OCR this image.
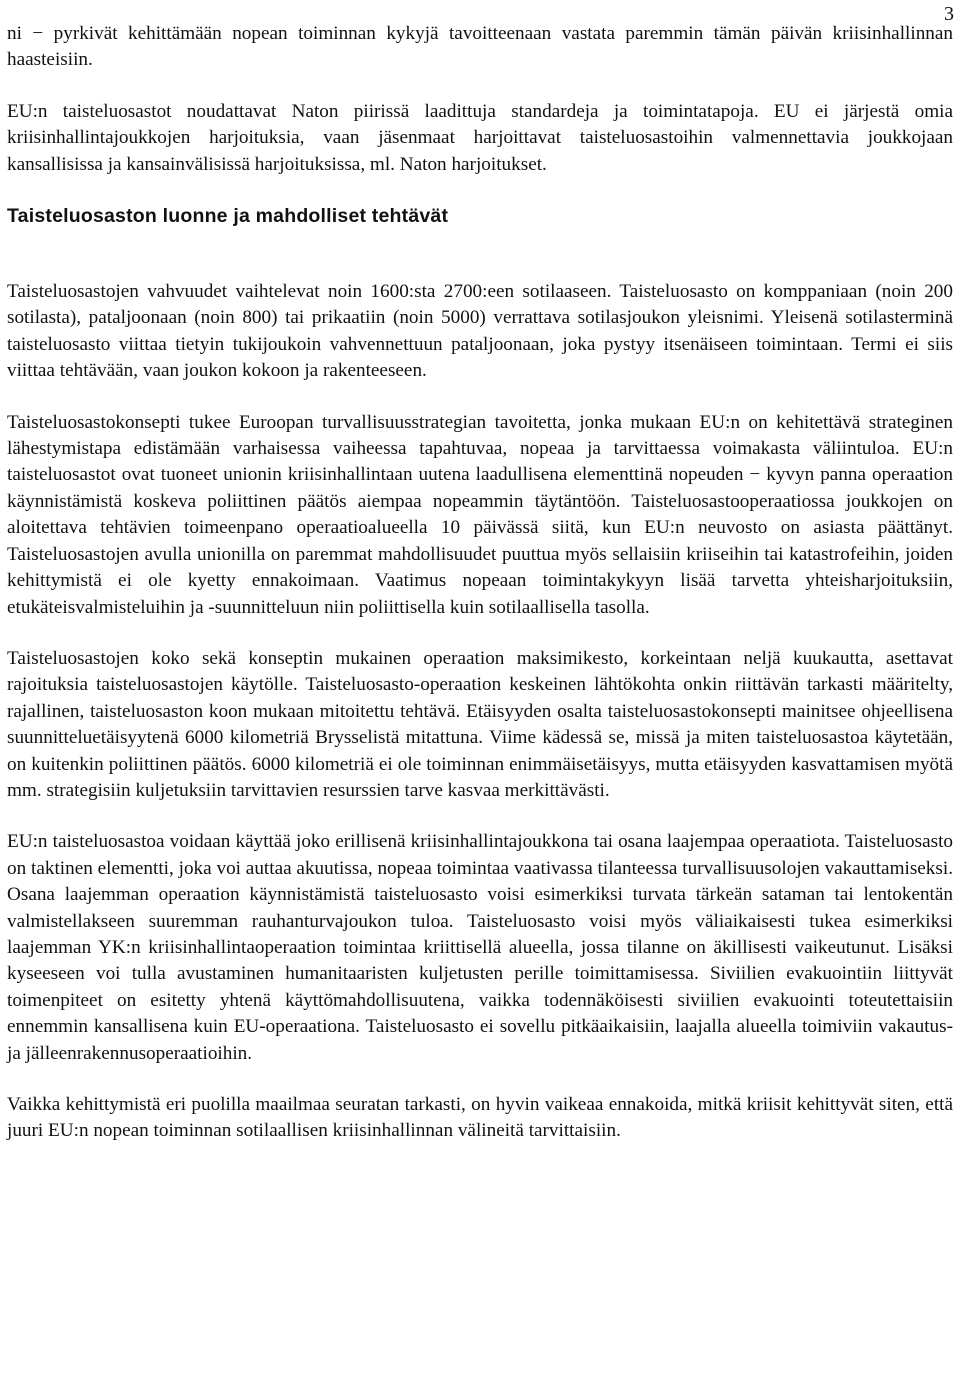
3

ni − pyrkivät kehittämään nopean toiminnan kykyjä tavoitteenaan vastata paremmin tämän päivän kriisinhallinnan haasteisiin.

EU:n taisteluosastot noudattavat Naton piirissä laadittuja standardeja ja toimintatapoja. EU ei järjestä omia kriisinhallintajoukkojen harjoituksia, vaan jäsenmaat harjoittavat taisteluosastoihin valmennettavia joukkojaan kansallisissa ja kansainvälisissä harjoituksissa, ml. Naton harjoitukset.

Taisteluosaston luonne ja mahdolliset tehtävät

Taisteluosastojen vahvuudet vaihtelevat noin 1600:sta 2700:een sotilaaseen. Taisteluosasto on komppaniaan (noin 200 sotilasta), pataljoonaan (noin 800) tai prikaatiin (noin 5000) verrattava sotilasjoukon yleisnimi. Yleisenä sotilasterminä taisteluosasto viittaa tietyin tukijoukoin vahvennettuun pataljoonaan, joka pystyy itsenäiseen toimintaan. Termi ei siis viittaa tehtävään, vaan joukon kokoon ja rakenteeseen.

Taisteluosastokonsepti tukee Euroopan turvallisuusstrategian tavoitetta, jonka mukaan EU:n on kehitettävä strateginen lähestymistapa edistämään varhaisessa vaiheessa tapahtuvaa, nopeaa ja tarvittaessa voimakasta väliintuloa. EU:n taisteluosastot ovat tuoneet unionin kriisinhallintaan uutena laadullisena elementtinä nopeuden − kyvyn panna operaation käynnistämistä koskeva poliittinen päätös aiempaa nopeammin täytäntöön. Taisteluosastooperaatiossa joukkojen on aloitettava tehtävien toimeenpano operaatioalueella 10 päivässä siitä, kun EU:n neuvosto on asiasta päättänyt. Taisteluosastojen avulla unionilla on paremmat mahdollisuudet puuttua myös sellaisiin kriiseihin tai katastrofeihin, joiden kehittymistä ei ole kyetty ennakoimaan. Vaatimus nopeaan toimintakykyyn lisää tarvetta yhteisharjoituksiin, etukäteisvalmisteluihin ja -suunnitteluun niin poliittisella kuin sotilaallisella tasolla.

Taisteluosastojen koko sekä konseptin mukainen operaation maksimikesto, korkeintaan neljä kuukautta, asettavat rajoituksia taisteluosastojen käytölle. Taisteluosasto-operaation keskeinen lähtökohta onkin riittävän tarkasti määritelty, rajallinen, taisteluosaston koon mukaan mitoitettu tehtävä. Etäisyyden osalta taisteluosastokonsepti mainitsee ohjeellisena suunnitteluetäisyytenä 6000 kilometriä Brysselistä mitattuna. Viime kädessä se, missä ja miten taisteluosastoa käytetään, on kuitenkin poliittinen päätös. 6000 kilometriä ei ole toiminnan enimmäisetäisyys, mutta etäisyyden kasvattamisen myötä mm. strategisiin kuljetuksiin tarvittavien resurssien tarve kasvaa merkittävästi.

EU:n taisteluosastoa voidaan käyttää joko erillisenä kriisinhallintajoukkona tai osana laajempaa operaatiota. Taisteluosasto on taktinen elementti, joka voi auttaa akuutissa, nopeaa toimintaa vaativassa tilanteessa turvallisuusolojen vakauttamiseksi. Osana laajemman operaation käynnistämistä taisteluosasto voisi esimerkiksi turvata tärkeän sataman tai lentokentän valmistellakseen suuremman rauhanturvajoukon tuloa. Taisteluosasto voisi myös väliaikaisesti tukea esimerkiksi laajemman YK:n kriisinhallintaoperaation toimintaa kriittisellä alueella, jossa tilanne on äkillisesti vaikeutunut. Lisäksi kyseeseen voi tulla avustaminen humanitaaristen kuljetusten perille toimittamisessa. Siviilien evakuointiin liittyvät toimenpiteet on esitetty yhtenä käyttömahdollisuutena, vaikka todennäköisesti siviilien evakuointi toteutettaisiin ennemmin kansallisena kuin EU-operaationa. Taisteluosasto ei sovellu pitkäaikaisiin, laajalla alueella toimiviin vakautus- ja jälleenrakennusoperaatioihin.

Vaikka kehittymistä eri puolilla maailmaa seuratan tarkasti, on hyvin vaikeaa ennakoida, mitkä kriisit kehittyvät siten, että juuri EU:n nopean toiminnan sotilaallisen kriisinhallinnan välineitä tarvittaisiin.
